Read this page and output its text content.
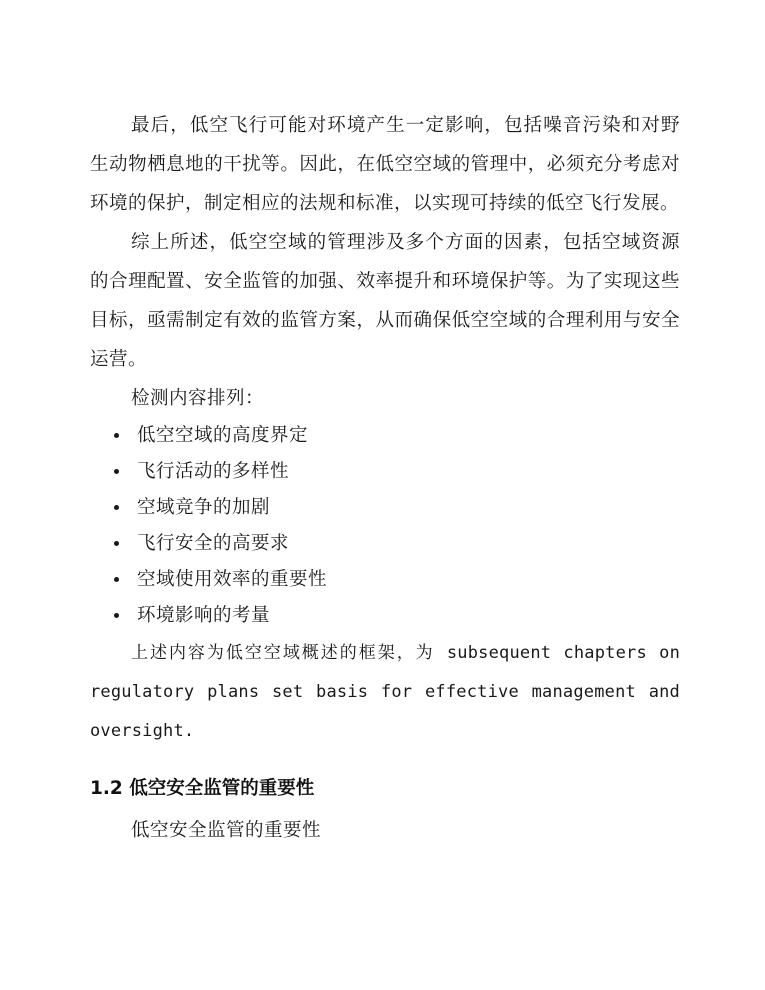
最后，低空飞行可能对环境产生一定影响，包括噪音污染和对野生动物栖息地的干扰等。因此，在低空空域的管理中，必须充分考虑对环境的保护，制定相应的法规和标准，以实现可持续的低空飞行发展。

综上所述，低空空域的管理涉及多个方面的因素，包括空域资源的合理配置、安全监管的加强、效率提升和环境保护等。为了实现这些目标，亟需制定有效的监管方案，从而确保低空空域的合理利用与安全运营。

检测内容排列：

低空空域的高度界定
飞行活动的多样性
空域竞争的加剧
飞行安全的高要求
空域使用效率的重要性
环境影响的考量

上述内容为低空空域概述的框架，为 subsequent chapters on regulatory plans set basis for effective management and oversight.

1.2 低空安全监管的重要性

低空安全监管的重要性
